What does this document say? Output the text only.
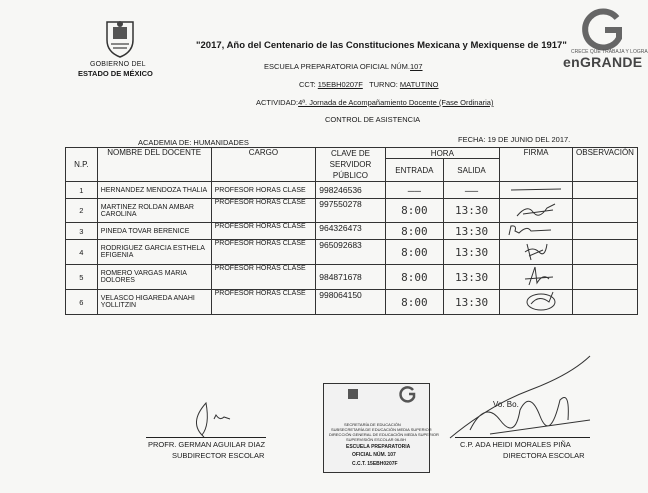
GOBIERNO DEL
ESTADO DE MÉXICO
"2017, Año del Centenario de las Constituciones Mexicana y Mexiquense de 1917"
CRECE QUE TRABAJA Y LOGRA
enGRANDE
ESCUELA PREPARATORIA OFICIAL NÚM.107
CCT: 15EBH0207F TURNO: MATUTINO
ACTIVIDAD:4ª. Jornada de Acompañamiento Docente (Fase Ordinaria)
CONTROL DE ASISTENCIA
ACADEMIA DE: HUMANIDADES	FECHA: 19 DE JUNIO DEL 2017.
N.P.	NOMBRE DEL DOCENTE	CARGO	CLAVE DE	HORA		FIRMA	OBSERVACIÓN
			SERVIDOR	ENTRADA	SALIDA		
			PÚBLICO				
1	HERNANDEZ MENDOZA THALIA	PROFESOR HORAS CLASE	998246536	——	——		
2	MARTINEZ ROLDAN AMBAR CAROLINA	PROFESOR HORAS CLASE	997550278	8:00	13:30		
3	PINEDA TOVAR BERENICE	PROFESOR HORAS CLASE	964326473	8:00	13:30		
4	RODRIGUEZ GARCIA ESTHELA EFIGENIA	PROFESOR HORAS CLASE	965092683	8:00	13:30		
5	ROMERO VARGAS MARIA DOLORES	PROFESOR HORAS CLASE	984871678	8:00	13:30		
6	VELASCO HIGAREDA ANAHI YOLLITZIN	PROFESOR HORAS CLASE	998064150	8:00	13:30		
PROFR. GERMAN AGUILAR DIAZ
SUBDIRECTOR ESCOLAR
SECRETARÍA DE EDUCACIÓN
SUBSECRETARÍA DE EDUCACIÓN MEDIA SUPERIOR
DIRECCIÓN GENERAL DE EDUCACIÓN MEDIA SUPERIOR
SUPERVISIÓN ESCOLAR 06-BH
ESCUELA PREPARATORIA
OFICIAL NÚM. 107
C.C.T. 15EBH0207F
Vo. Bo.
C.P. ADA HEIDI MORALES PIÑA
DIRECTORA ESCOLAR
